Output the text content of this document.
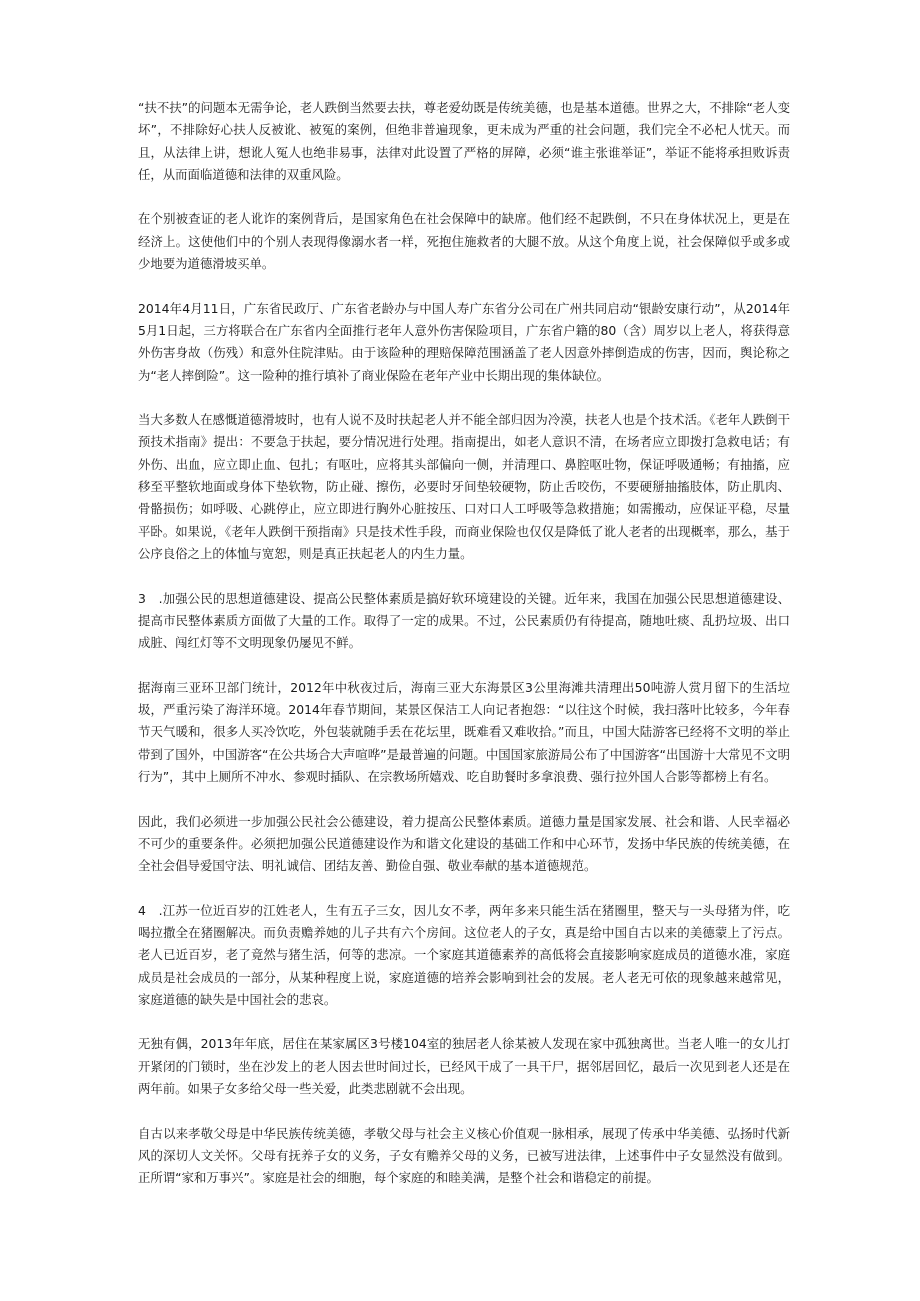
“扶不扶”的问题本无需争论，老人跌倒当然要去扶，尊老爱幼既是传统美德，也是基本道德。世界之大，不排除“老人变坏”，不排除好心扶人反被讹、被冤的案例，但绝非普遍现象，更未成为严重的社会问题，我们完全不必杞人忧天。而且，从法律上讲，想讹人冤人也绝非易事，法律对此设置了严格的屏障，必须“谁主张谁举证”，举证不能将承担败诉责任，从而面临道德和法律的双重风险。

在个别被查证的老人讹诈的案例背后，是国家角色在社会保障中的缺席。他们经不起跌倒，不只在身体状况上，更是在经济上。这使他们中的个别人表现得像溺水者一样，死抱住施救者的大腿不放。从这个角度上说，社会保障似乎或多或少地要为道德滑坡买单。

2014年4月11日，广东省民政厅、广东省老龄办与中国人寿广东省分公司在广州共同启动“银龄安康行动”，从2014年5月1日起，三方将联合在广东省内全面推行老年人意外伤害保险项目，广东省户籍的80（含）周岁以上老人，将获得意外伤害身故（伤残）和意外住院津贴。由于该险种的理赔保障范围涵盖了老人因意外摔倒造成的伤害，因而，舆论称之为“老人摔倒险”。这一险种的推行填补了商业保险在老年产业中长期出现的集体缺位。

当大多数人在感慨道德滑坡时，也有人说不及时扶起老人并不能全部归因为冷漠，扶老人也是个技术活。《老年人跌倒干预技术指南》提出：不要急于扶起，要分情况进行处理。指南提出，如老人意识不清，在场者应立即拨打急救电话；有外伤、出血，应立即止血、包扎；有呕吐，应将其头部偏向一侧，并清理口、鼻腔呕吐物，保证呼吸通畅；有抽搐，应移至平整软地面或身体下垫软物，防止碰、擦伤，必要时牙间垫较硬物，防止舌咬伤，不要硬掰抽搐肢体，防止肌肉、骨骼损伤；如呼吸、心跳停止，应立即进行胸外心脏按压、口对口人工呼吸等急救措施；如需搬动，应保证平稳，尽量平卧。如果说，《老年人跌倒干预指南》只是技术性手段，而商业保险也仅仅是降低了讹人老者的出现概率，那么，基于公序良俗之上的体恤与宽恕，则是真正扶起老人的内生力量。

3　.加强公民的思想道德建设、提高公民整体素质是搞好软环境建设的关键。近年来，我国在加强公民思想道德建设、提高市民整体素质方面做了大量的工作。取得了一定的成果。不过，公民素质仍有待提高，随地吐痰、乱扔垃圾、出口成脏、闯红灯等不文明现象仍屡见不鲜。

据海南三亚环卫部门统计，2012年中秋夜过后，海南三亚大东海景区3公里海滩共清理出50吨游人赏月留下的生活垃圾，严重污染了海洋环境。2014年春节期间，某景区保洁工人向记者抱怨：“以往这个时候，我扫落叶比较多，今年春节天气暖和，很多人买冷饮吃，外包装就随手丢在花坛里，既难看又难收拾。”而且，中国大陆游客已经将不文明的举止带到了国外，中国游客“在公共场合大声喧哗”是最普遍的问题。中国国家旅游局公布了中国游客“出国游十大常见不文明行为”，其中上厕所不冲水、参观时插队、在宗教场所嬉戏、吃自助餐时多拿浪费、强行拉外国人合影等都榜上有名。

因此，我们必须进一步加强公民社会公德建设，着力提高公民整体素质。道德力量是国家发展、社会和谐、人民幸福必不可少的重要条件。必须把加强公民道德建设作为和谐文化建设的基础工作和中心环节，发扬中华民族的传统美德，在全社会倡导爱国守法、明礼诚信、团结友善、勤俭自强、敬业奉献的基本道德规范。

4　.江苏一位近百岁的江姓老人，生有五子三女，因儿女不孝，两年多来只能生活在猪圈里，整天与一头母猪为伴，吃喝拉撒全在猪圈解决。而负责赡养她的儿子共有六个房间。这位老人的子女，真是给中国自古以来的美德蒙上了污点。老人已近百岁，老了竟然与猪生活，何等的悲凉。一个家庭其道德素养的高低将会直接影响家庭成员的道德水准，家庭成员是社会成员的一部分，从某种程度上说，家庭道德的培养会影响到社会的发展。老人老无可依的现象越来越常见，家庭道德的缺失是中国社会的悲哀。

无独有偶，2013年年底，居住在某家属区3号楼104室的独居老人徐某被人发现在家中孤独离世。当老人唯一的女儿打开紧闭的门锁时，坐在沙发上的老人因去世时间过长，已经风干成了一具干尸，据邻居回忆，最后一次见到老人还是在两年前。如果子女多给父母一些关爱，此类悲剧就不会出现。

自古以来孝敬父母是中华民族传统美德，孝敬父母与社会主义核心价值观一脉相承，展现了传承中华美德、弘扬时代新风的深切人文关怀。父母有抚养子女的义务，子女有赡养父母的义务，已被写进法律，上述事件中子女显然没有做到。正所谓“家和万事兴”。家庭是社会的细胞，每个家庭的和睦美满，是整个社会和谐稳定的前提。
